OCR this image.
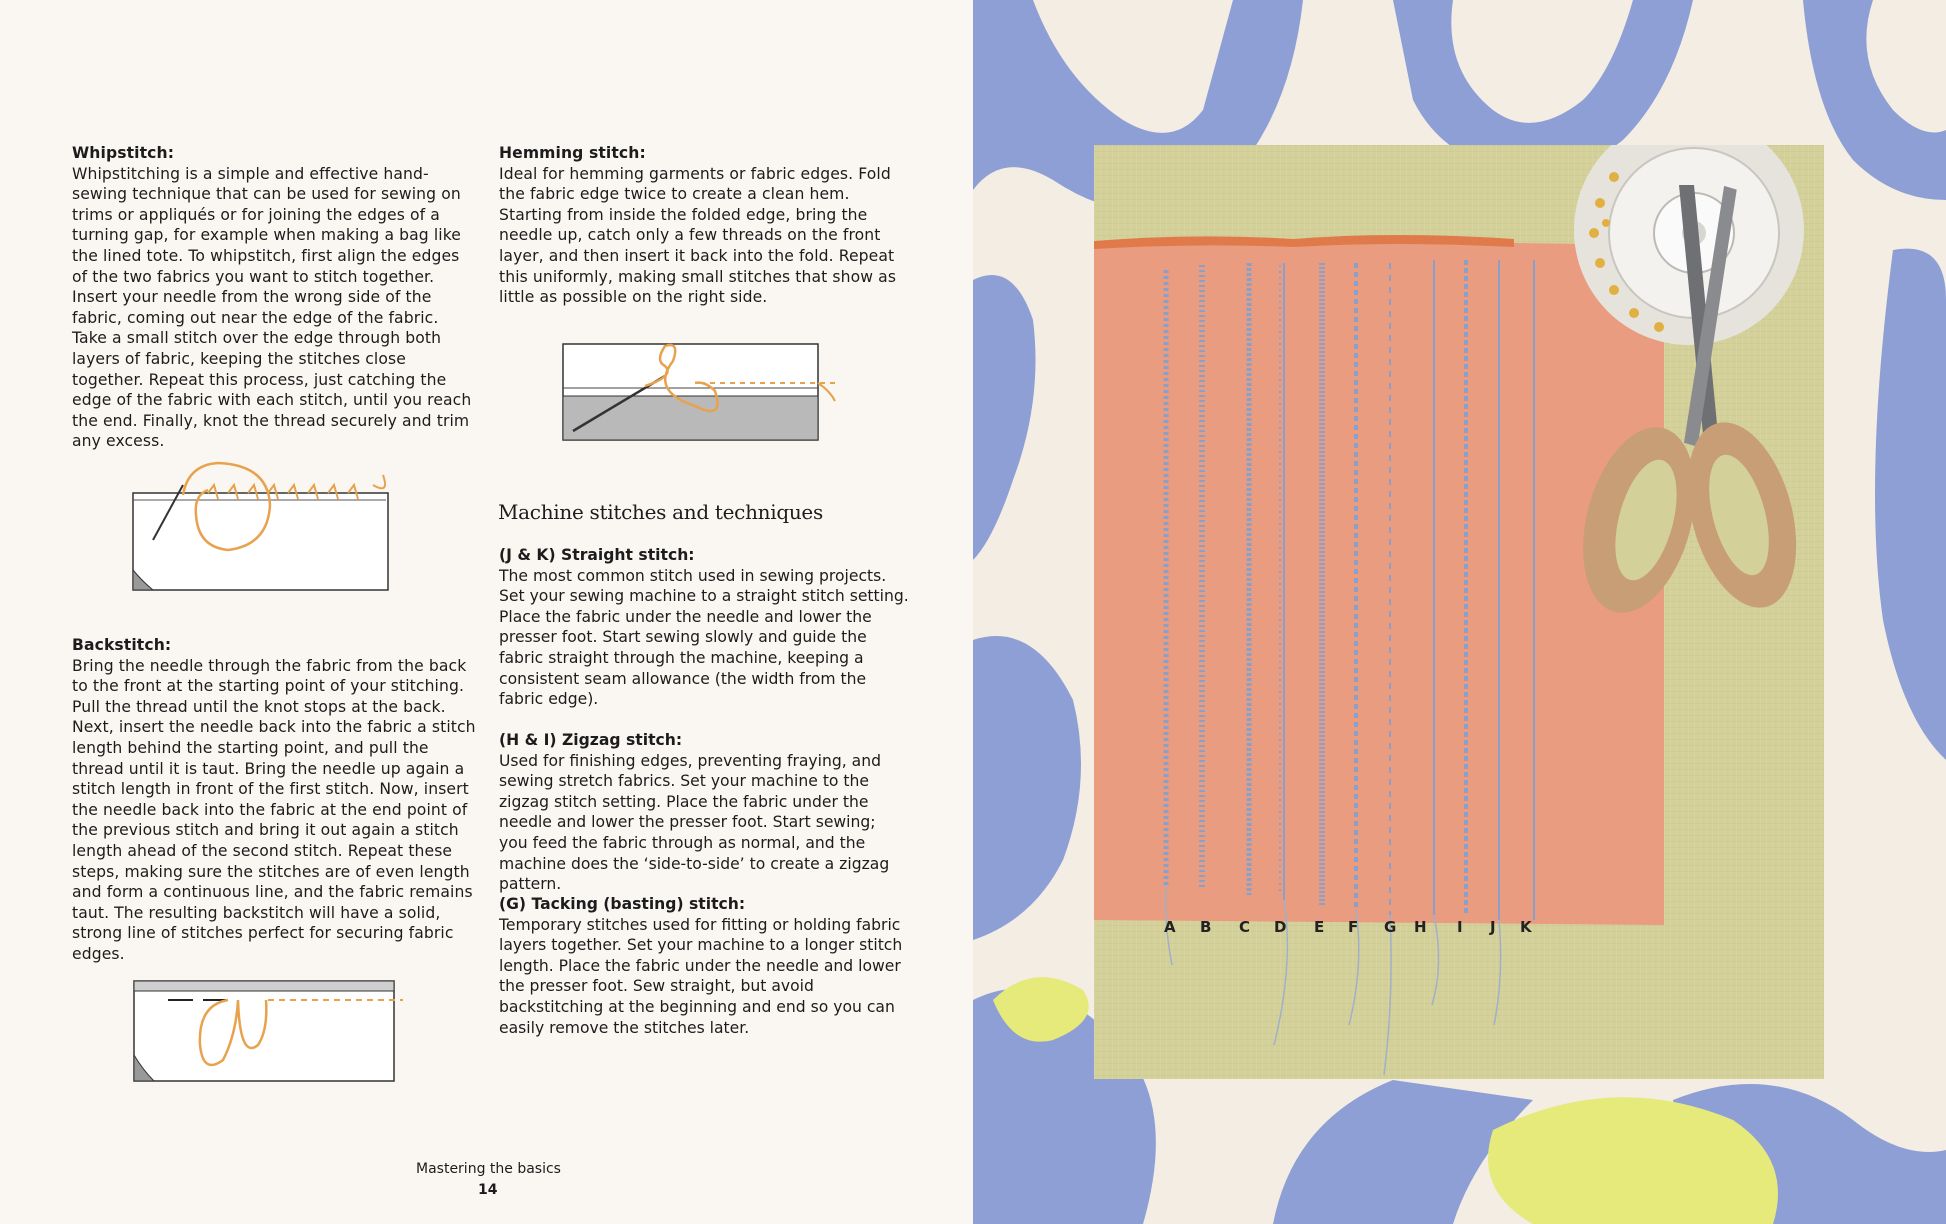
Whipstitch:
Whipstitching is a simple and effective hand-sewing technique that can be used for sewing on trims or appliqués or for joining the edges of a turning gap, for example when making a bag like the lined tote. To whipstitch, first align the edges of the two fabrics you want to stitch together. Insert your needle from the wrong side of the fabric, coming out near the edge of the fabric. Take a small stitch over the edge through both layers of fabric, keeping the stitches close together. Repeat this process, just catching the edge of the fabric with each stitch, until you reach the end. Finally, knot the thread securely and trim any excess.
Backstitch:
Bring the needle through the fabric from the back to the front at the starting point of your stitching. Pull the thread until the knot stops at the back. Next, insert the needle back into the fabric a stitch length behind the starting point, and pull the thread until it is taut. Bring the needle up again a stitch length in front of the first stitch. Now, insert the needle back into the fabric at the end point of the previous stitch and bring it out again a stitch length ahead of the second stitch. Repeat these steps, making sure the stitches are of even length and form a continuous line, and the fabric remains taut. The resulting backstitch will have a solid, strong line of stitches perfect for securing fabric edges.
Hemming stitch:
Ideal for hemming garments or fabric edges. Fold the fabric edge twice to create a clean hem. Starting from inside the folded edge, bring the needle up, catch only a few threads on the front layer, and then insert it back into the fold. Repeat this uniformly, making small stitches that show as little as possible on the right side.
Machine stitches and techniques
(J & K) Straight stitch:
The most common stitch used in sewing projects. Set your sewing machine to a straight stitch setting. Place the fabric under the needle and lower the presser foot. Start sewing slowly and guide the fabric straight through the machine, keeping a consistent seam allowance (the width from the fabric edge).
(H & I) Zigzag stitch:
Used for finishing edges, preventing fraying, and sewing stretch fabrics. Set your machine to the zigzag stitch setting. Place the fabric under the needle and lower the presser foot. Start sewing; you feed the fabric through as normal, and the machine does the ‘side-to-side’ to create a zigzag pattern.
(G) Tacking (basting) stitch:
Temporary stitches used for fitting or holding fabric layers together. Set your machine to a longer stitch length. Place the fabric under the needle and lower the presser foot. Sew straight, but avoid backstitching at the beginning and end so you can easily remove the stitches later.
Mastering the basics
14
A B C D E F G H I J K
